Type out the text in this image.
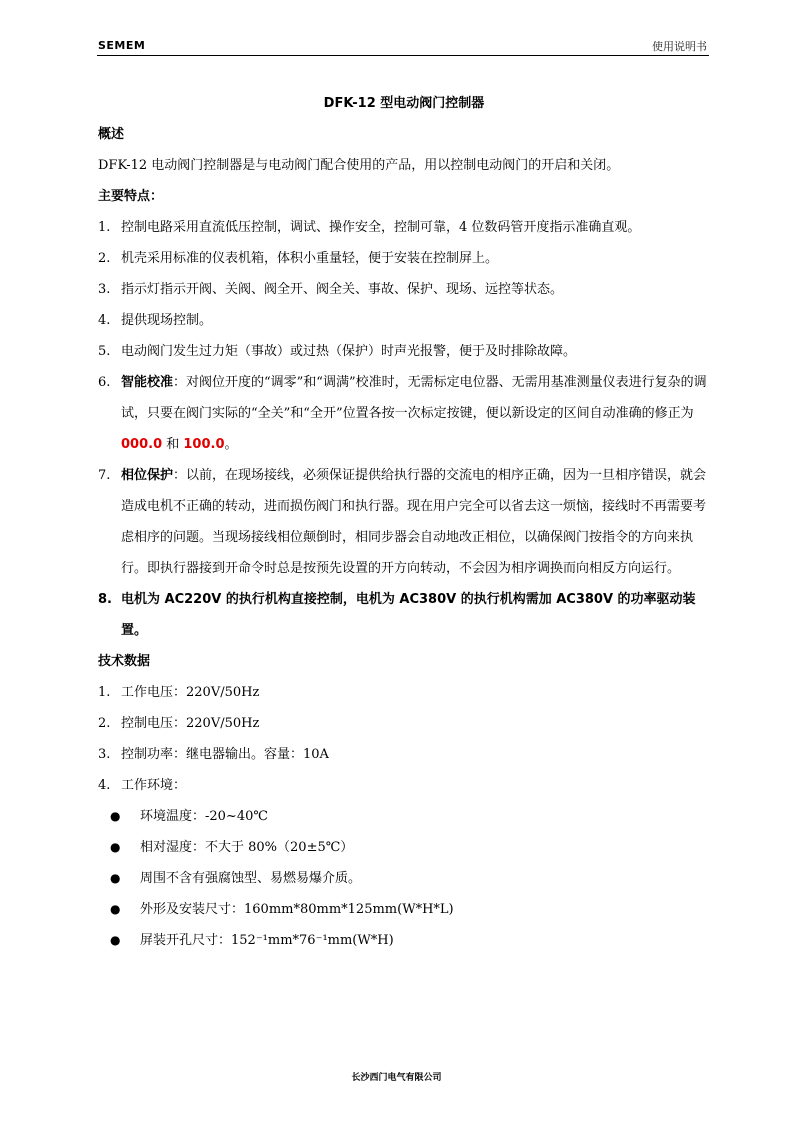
SEMEM	使用说明书
DFK-12 型电动阀门控制器
概述
DFK-12 电动阀门控制器是与电动阀门配合使用的产品，用以控制电动阀门的开启和关闭。
主要特点：
1. 控制电路采用直流低压控制，调试、操作安全，控制可靠，4 位数码管开度指示准确直观。
2. 机壳采用标准的仪表机箱，体积小重量轻，便于安装在控制屏上。
3. 指示灯指示开阀、关阀、阀全开、阀全关、事故、保护、现场、远控等状态。
4. 提供现场控制。
5. 电动阀门发生过力矩（事故）或过热（保护）时声光报警，便于及时排除故障。
6. 智能校准：对阀位开度的“调零”和“调满”校准时，无需标定电位器、无需用基准测量仪表进行复杂的调试，只要在阀门实际的“全关”和“全开”位置各按一次标定按键，便以新设定的区间自动准确的修正为 000.0 和 100.0。
7. 相位保护：以前，在现场接线，必须保证提供给执行器的交流电的相序正确，因为一旦相序错误，就会造成电机不正确的转动，进而损伤阀门和执行器。现在用户完全可以省去这一烦恼，接线时不再需要考虑相序的问题。当现场接线相位颠倒时，相同步器会自动地改正相位，以确保阀门按指令的方向来执行。即执行器接到开命令时总是按预先设置的开方向转动，不会因为相序调换而向相反方向运行。
8. 电机为 AC220V 的执行机构直接控制，电机为 AC380V 的执行机构需加 AC380V 的功率驱动装置。
技术数据
1. 工作电压：220V/50Hz
2. 控制电压：220V/50Hz
3. 控制功率：继电器输出。容量：10A
4. 工作环境：
●	环境温度：-20~40℃
●	相对湿度：不大于 80%（20±5℃）
●	周围不含有强腐蚀型、易燃易爆介质。
●	外形及安装尺寸：160mm*80mm*125mm(W*H*L)
●	屏装开孔尺寸：152⁻¹mm*76⁻¹mm(W*H)
长沙西门电气有限公司
